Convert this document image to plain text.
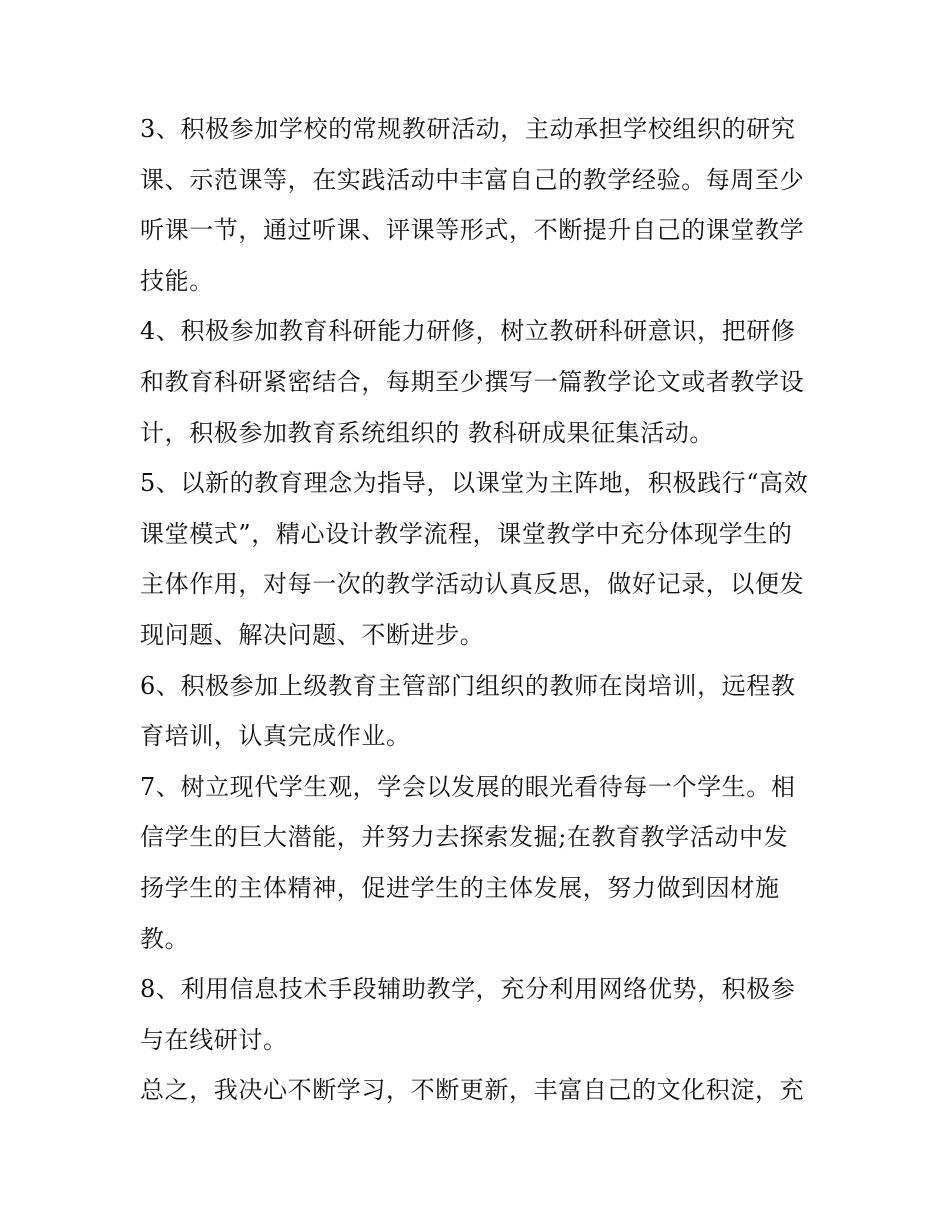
3、积极参加学校的常规教研活动，主动承担学校组织的研究课、示范课等，在实践活动中丰富自己的教学经验。每周至少听课一节，通过听课、评课等形式，不断提升自己的课堂教学技能。

4、积极参加教育科研能力研修，树立教研科研意识，把研修和教育科研紧密结合，每期至少撰写一篇教学论文或者教学设计，积极参加教育系统组织的 教科研成果征集活动。

5、以新的教育理念为指导，以课堂为主阵地，积极践行“高效课堂模式”，精心设计教学流程，课堂教学中充分体现学生的主体作用，对每一次的教学活动认真反思，做好记录，以便发现问题、解决问题、不断进步。

6、积极参加上级教育主管部门组织的教师在岗培训，远程教育培训，认真完成作业。

7、树立现代学生观，学会以发展的眼光看待每一个学生。相信学生的巨大潜能，并努力去探索发掘;在教育教学活动中发扬学生的主体精神，促进学生的主体发展，努力做到因材施教。

8、利用信息技术手段辅助教学，充分利用网络优势，积极参与在线研讨。

总之，我决心不断学习，不断更新，丰富自己的文化积淀，充
